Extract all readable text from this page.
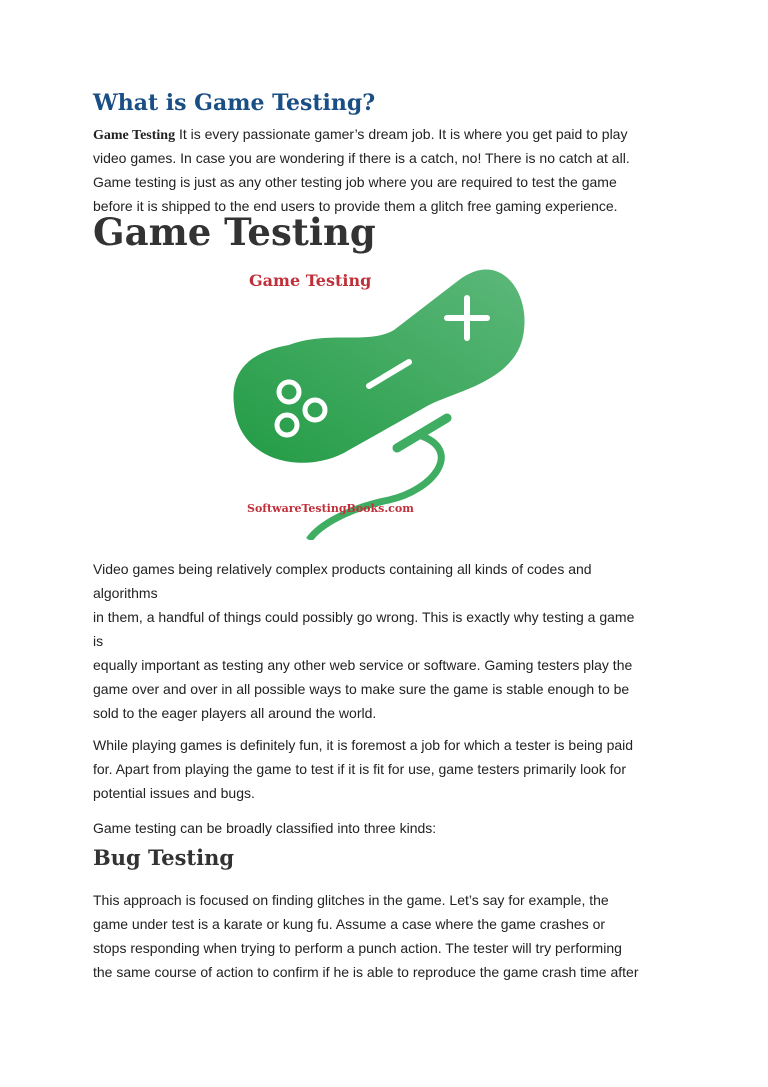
What is Game Testing?
Game Testing It is every passionate gamer’s dream job. It is where you get paid to play
video games. In case you are wondering if there is a catch, no! There is no catch at all.
Game testing is just as any other testing job where you are required to test the game
before it is shipped to the end users to provide them a glitch free gaming experience.
Game Testing
Game Testing
SoftwareTestingBooks.com
Video games being relatively complex products containing all kinds of codes and
algorithms
in them, a handful of things could possibly go wrong. This is exactly why testing a game
is
equally important as testing any other web service or software. Gaming testers play the
game over and over in all possible ways to make sure the game is stable enough to be
sold to the eager players all around the world.
While playing games is definitely fun, it is foremost a job for which a tester is being paid
for. Apart from playing the game to test if it is fit for use, game testers primarily look for
potential issues and bugs.
Game testing can be broadly classified into three kinds:
Bug Testing
This approach is focused on finding glitches in the game. Let’s say for example, the
game under test is a karate or kung fu. Assume a case where the game crashes or
stops responding when trying to perform a punch action. The tester will try performing
the same course of action to confirm if he is able to reproduce the game crash time after
